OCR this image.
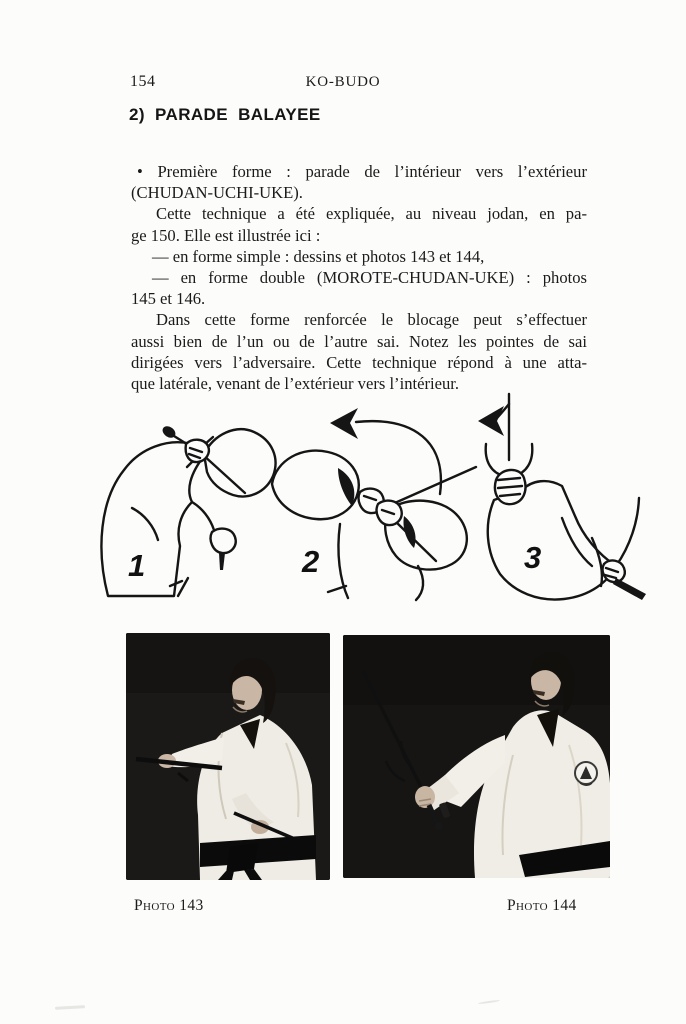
154	KO-BUDO
2) PARADE BALAYEE
• Première forme : parade de l’intérieur vers l’extérieur
(CHUDAN-UCHI-UKE).
Cette technique a été expliquée, au niveau jodan, en pa-
ge 150. Elle est illustrée ici :
— en forme simple : dessins et photos 143 et 144,
— en forme double (MOROTE-CHUDAN-UKE) : photos
145 et 146.
Dans cette forme renforcée le blocage peut s’effectuer
aussi bien de l’un ou de l’autre sai. Notez les pointes de sai
dirigées vers l’adversaire. Cette technique répond à une atta-
que latérale, venant de l’extérieur vers l’intérieur.
1	2	3
Photo 143	Photo 144
